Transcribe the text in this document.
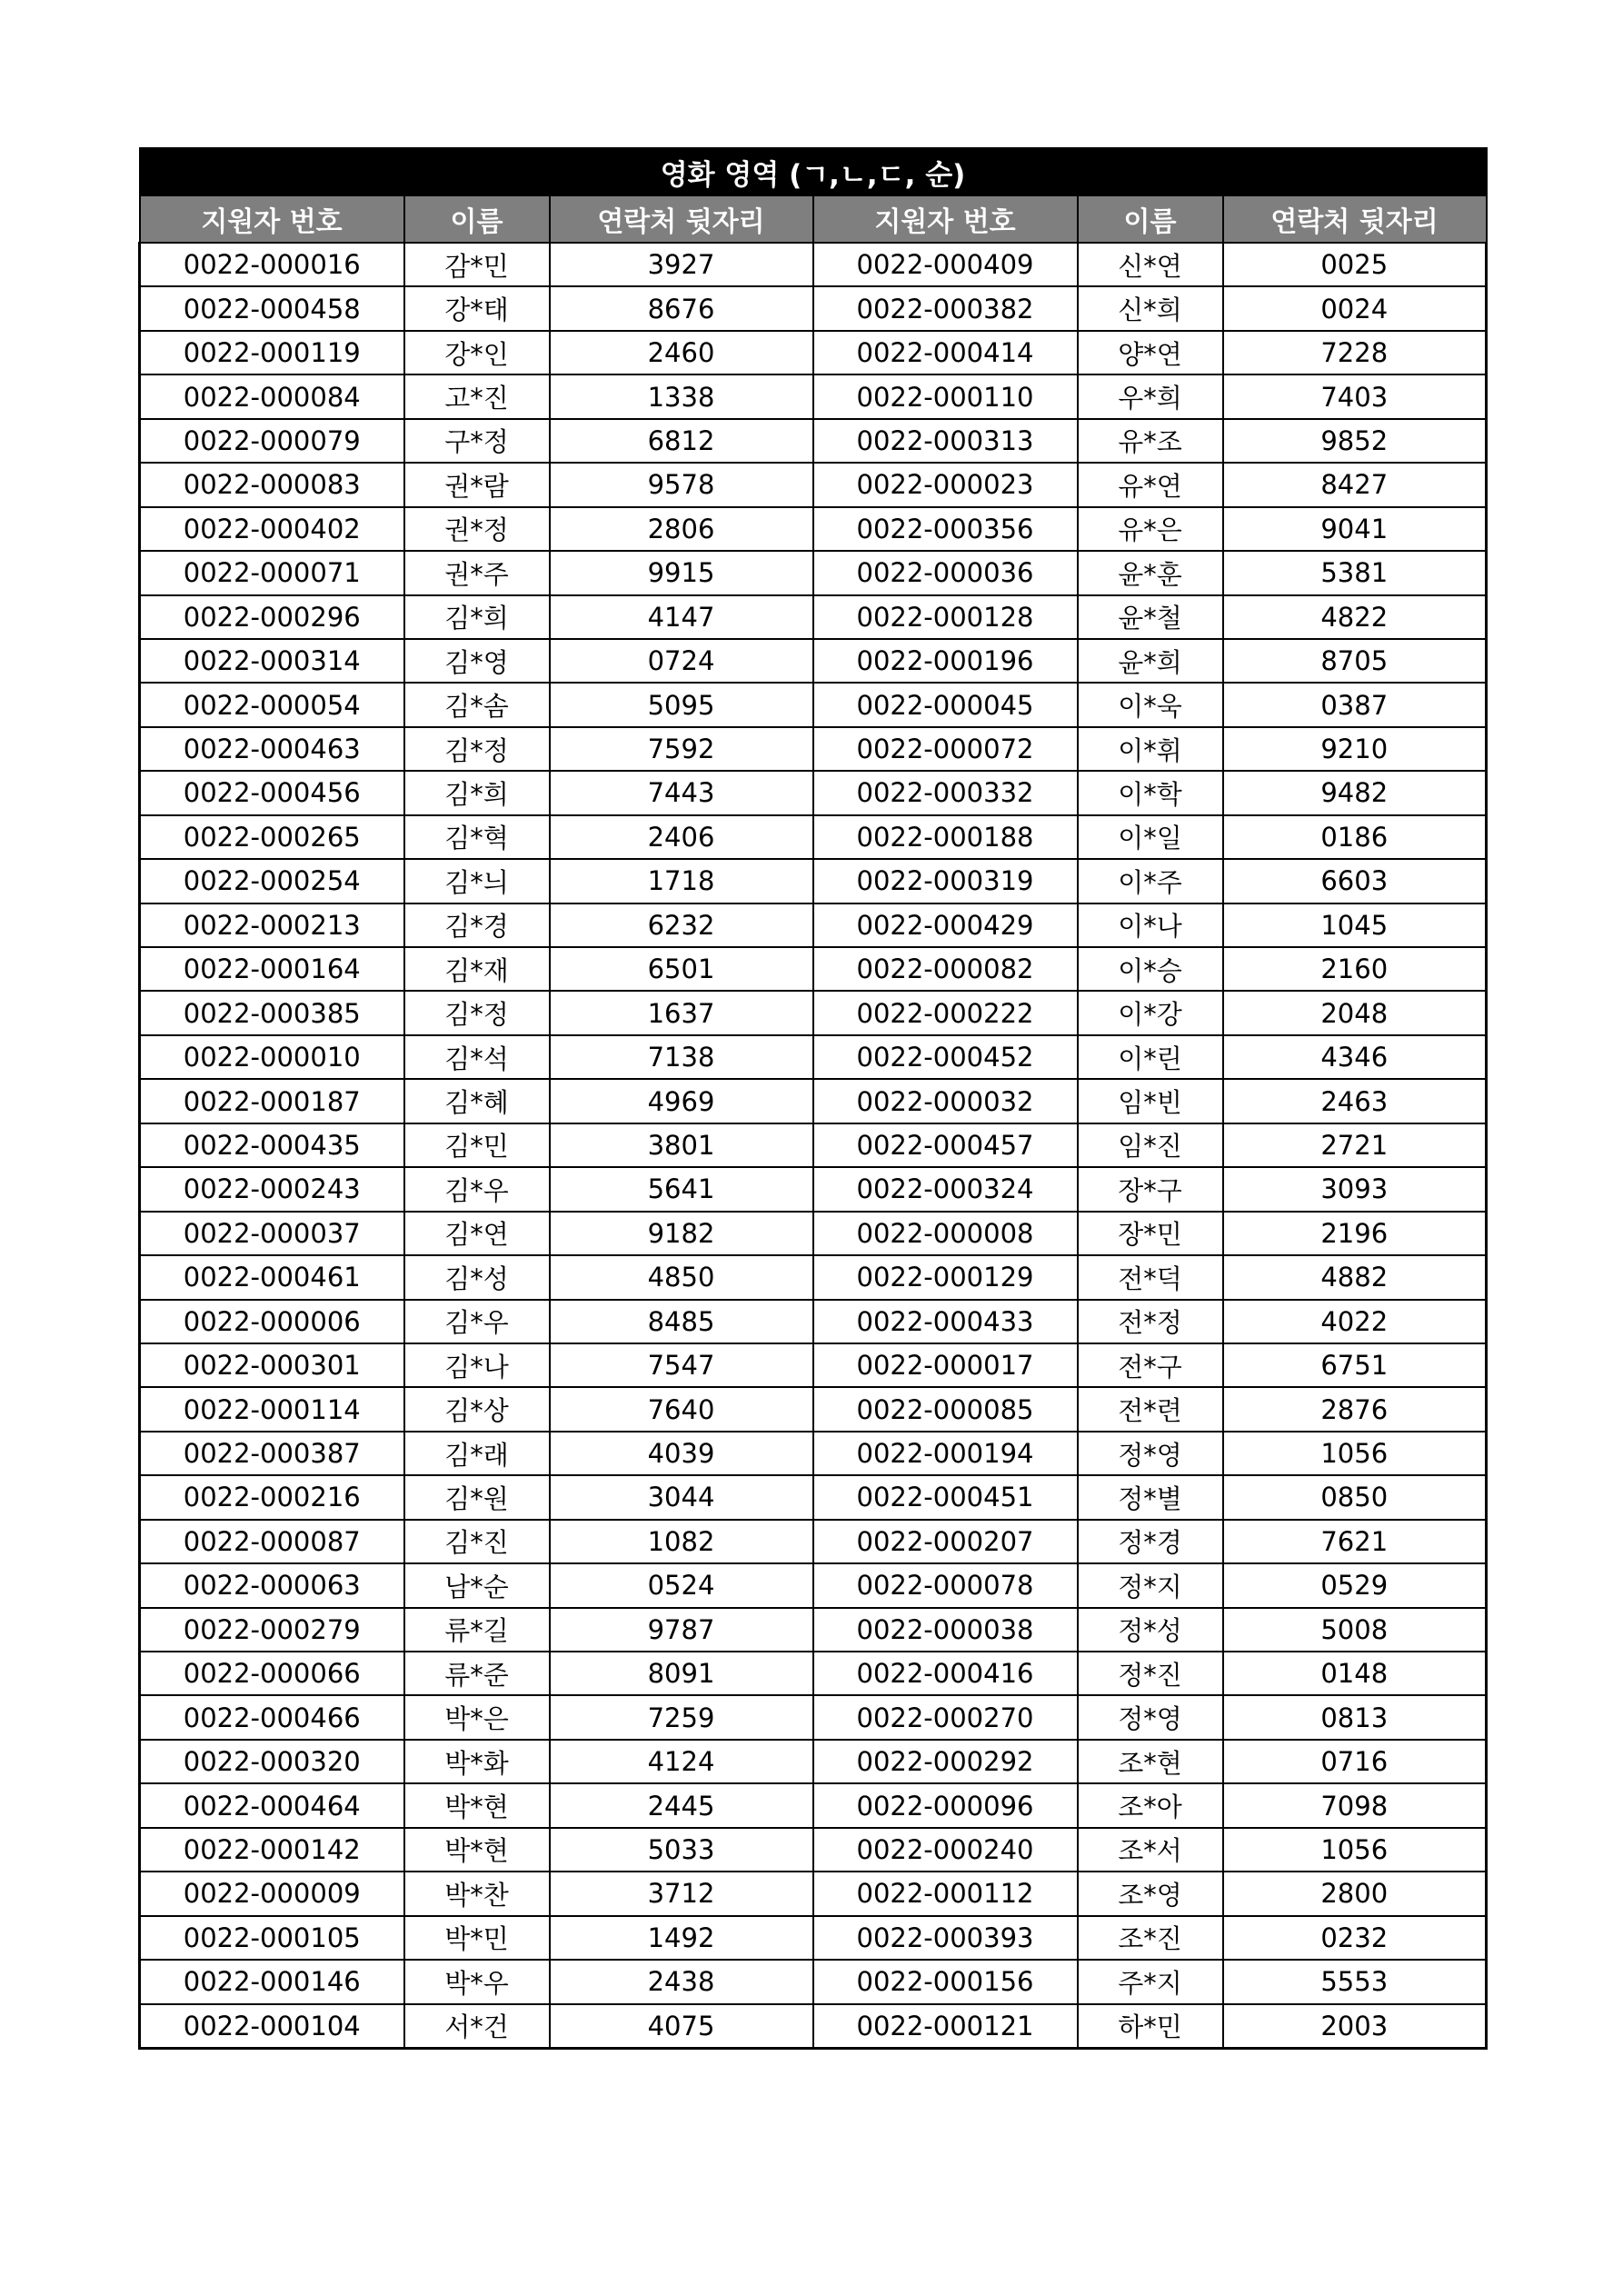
영화 영역 (ㄱ,ㄴ,ㄷ, 순)					
지원자 번호	이름	연락처 뒷자리	지원자 번호	이름	연락처 뒷자리
0022-000016	감*민	3927	0022-000409	신*연	0025
0022-000458	강*태	8676	0022-000382	신*희	0024
0022-000119	강*인	2460	0022-000414	양*연	7228
0022-000084	고*진	1338	0022-000110	우*희	7403
0022-000079	구*정	6812	0022-000313	유*조	9852
0022-000083	권*람	9578	0022-000023	유*연	8427
0022-000402	권*정	2806	0022-000356	유*은	9041
0022-000071	권*주	9915	0022-000036	윤*훈	5381
0022-000296	김*희	4147	0022-000128	윤*철	4822
0022-000314	김*영	0724	0022-000196	윤*희	8705
0022-000054	김*솜	5095	0022-000045	이*욱	0387
0022-000463	김*정	7592	0022-000072	이*휘	9210
0022-000456	김*희	7443	0022-000332	이*학	9482
0022-000265	김*혁	2406	0022-000188	이*일	0186
0022-000254	김*늬	1718	0022-000319	이*주	6603
0022-000213	김*경	6232	0022-000429	이*나	1045
0022-000164	김*재	6501	0022-000082	이*승	2160
0022-000385	김*정	1637	0022-000222	이*강	2048
0022-000010	김*석	7138	0022-000452	이*린	4346
0022-000187	김*혜	4969	0022-000032	임*빈	2463
0022-000435	김*민	3801	0022-000457	임*진	2721
0022-000243	김*우	5641	0022-000324	장*구	3093
0022-000037	김*연	9182	0022-000008	장*민	2196
0022-000461	김*성	4850	0022-000129	전*덕	4882
0022-000006	김*우	8485	0022-000433	전*정	4022
0022-000301	김*나	7547	0022-000017	전*구	6751
0022-000114	김*상	7640	0022-000085	전*련	2876
0022-000387	김*래	4039	0022-000194	정*영	1056
0022-000216	김*원	3044	0022-000451	정*별	0850
0022-000087	김*진	1082	0022-000207	정*경	7621
0022-000063	남*순	0524	0022-000078	정*지	0529
0022-000279	류*길	9787	0022-000038	정*성	5008
0022-000066	류*준	8091	0022-000416	정*진	0148
0022-000466	박*은	7259	0022-000270	정*영	0813
0022-000320	박*화	4124	0022-000292	조*현	0716
0022-000464	박*현	2445	0022-000096	조*아	7098
0022-000142	박*현	5033	0022-000240	조*서	1056
0022-000009	박*찬	3712	0022-000112	조*영	2800
0022-000105	박*민	1492	0022-000393	조*진	0232
0022-000146	박*우	2438	0022-000156	주*지	5553
0022-000104	서*건	4075	0022-000121	하*민	2003
